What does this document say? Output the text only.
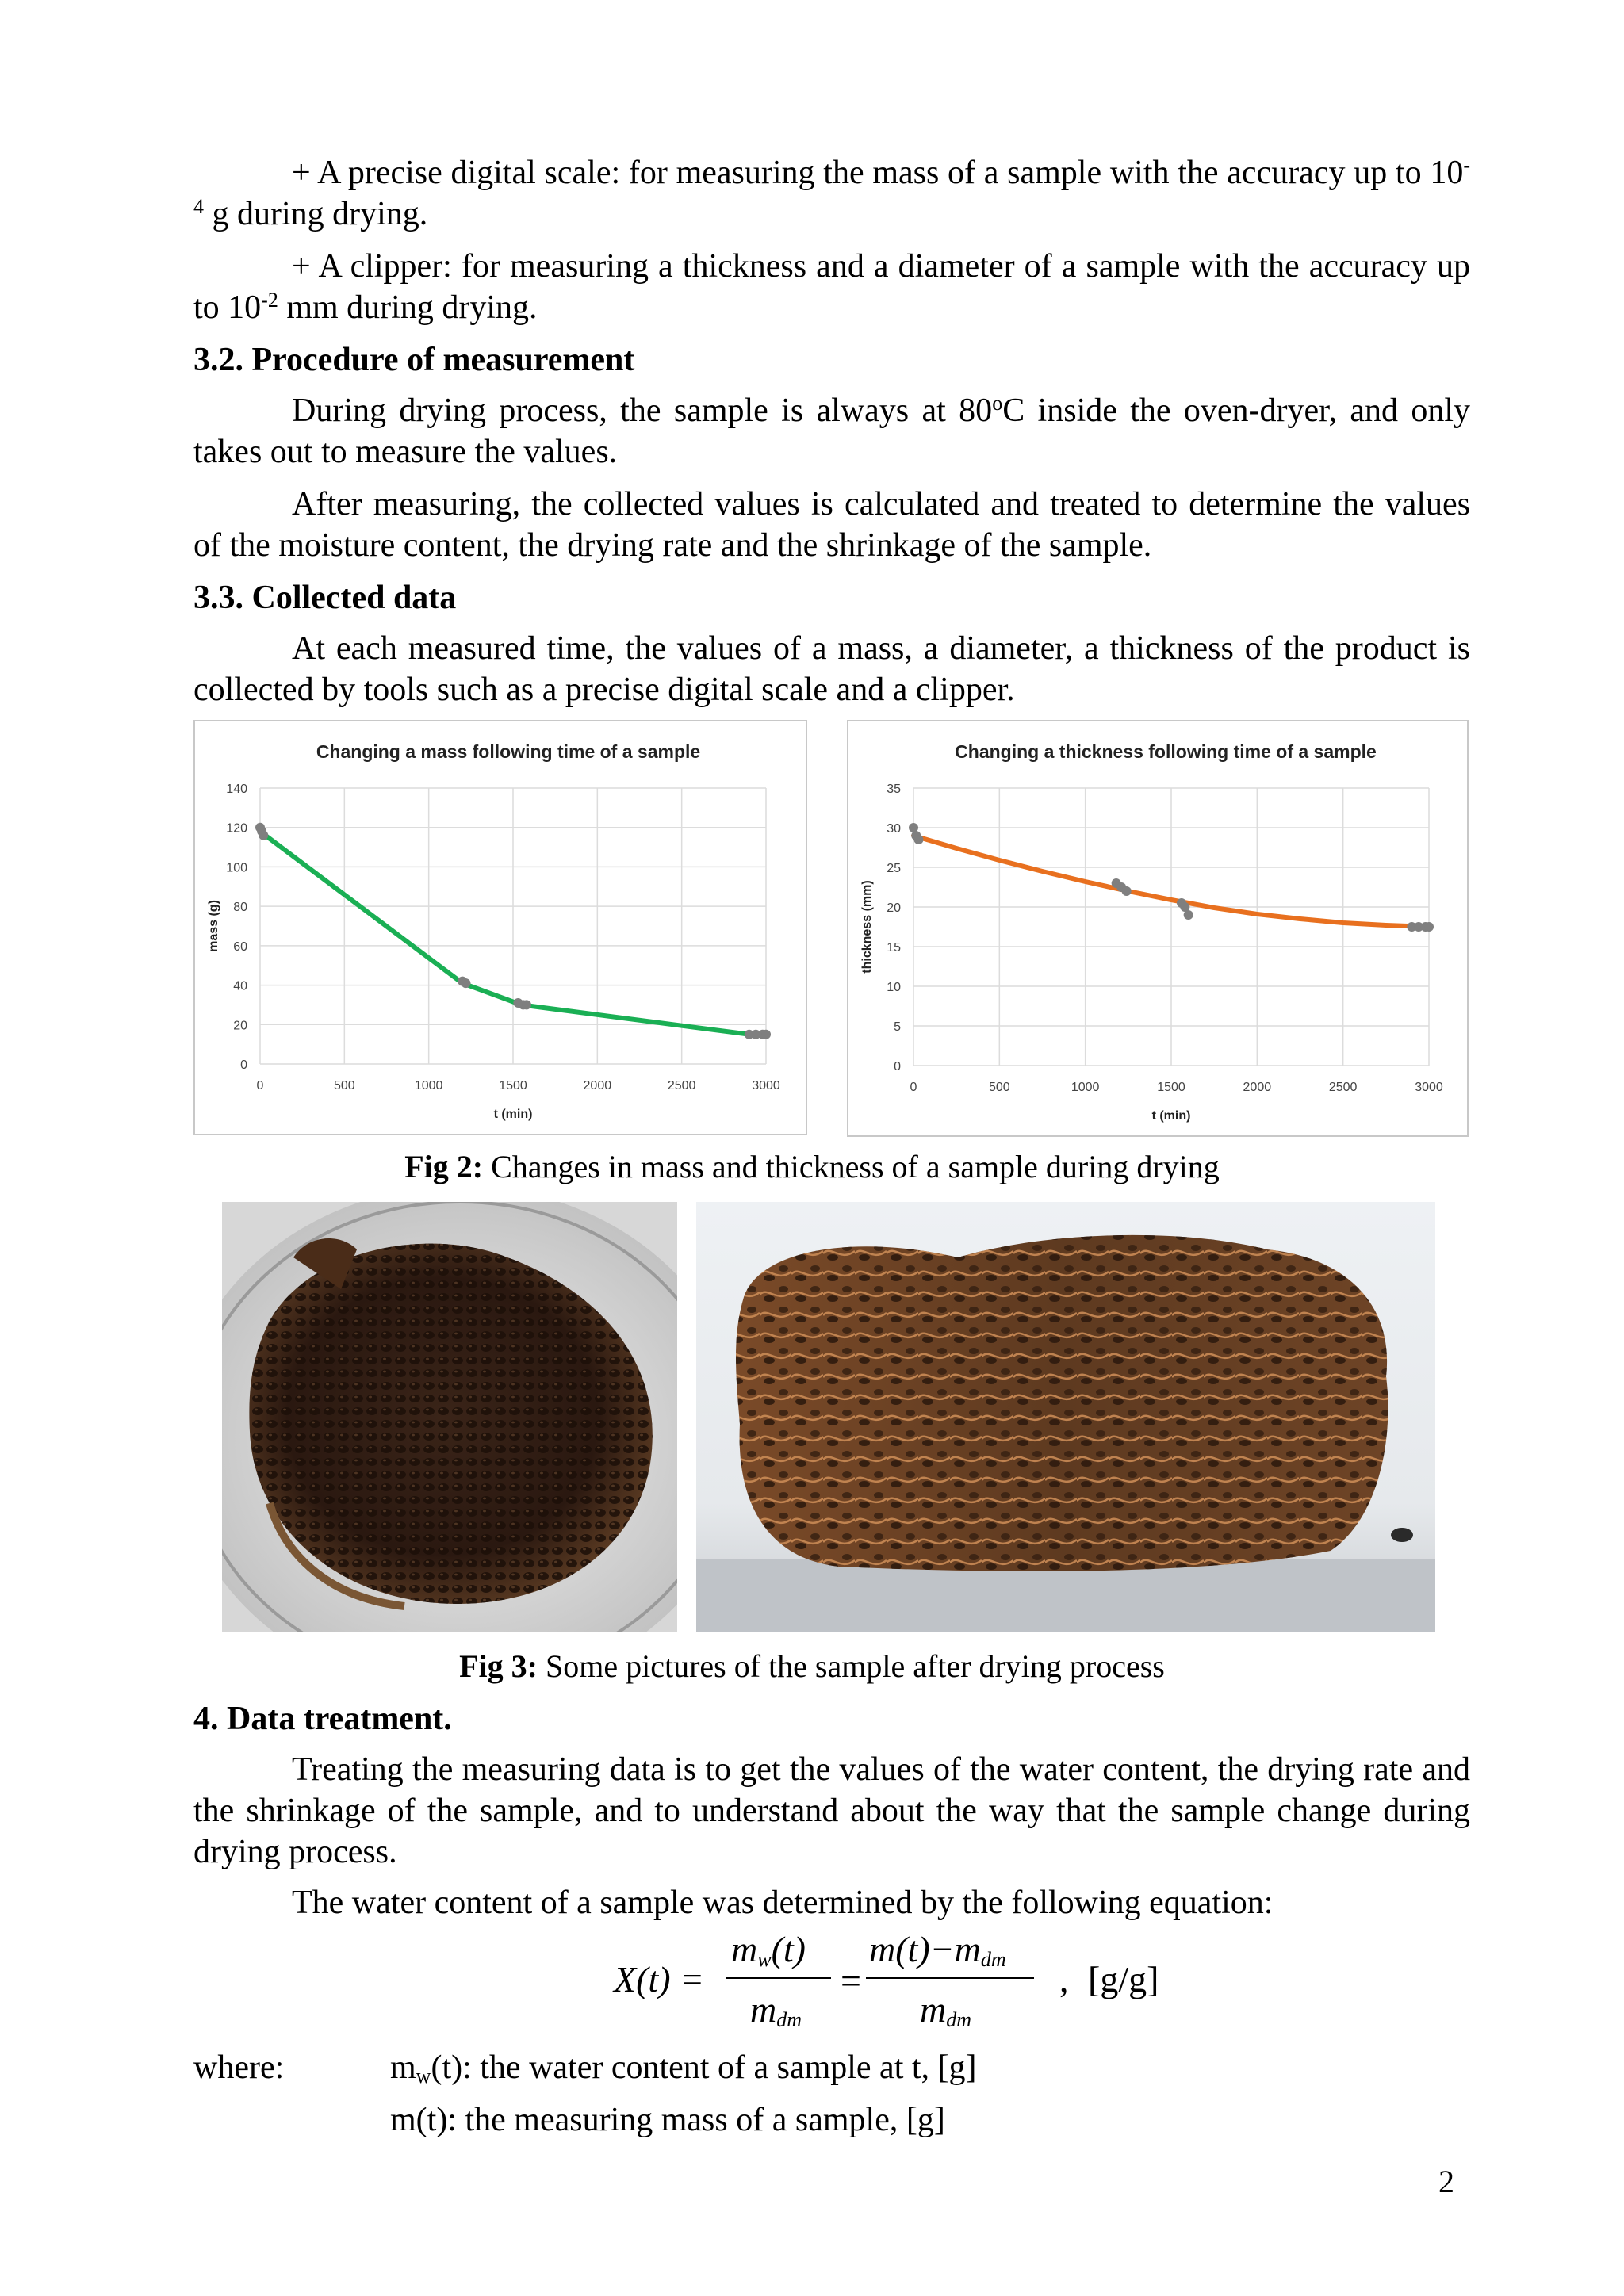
+ A precise digital scale: for measuring the mass of a sample with the accuracy up to $10^{-4}$ g during drying.

+ A clipper: for measuring a thickness and a diameter of a sample with the accuracy up to $10^{-2}$ mm during drying.

3.2. Procedure of measurement

During drying process, the sample is always at 80$^o$C inside the oven-dryer, and only takes out to measure the values.

After measuring, the collected values is calculated and treated to determine the values of the moisture content, the drying rate and the shrinkage of the sample.

3.3. Collected data

At each measured time, the values of a mass, a diameter, a thickness of the product is collected by tools such as a precise digital scale and a clipper.

Changing a mass following time of a sample
0
20
40
60
80
100
120
140
0	500	1000	1500	2000	2500	3000
t (min)
mass (g)
Changing a thickness following time of a sample
0
5
10
15
20
25
30
35
0	500	1000	1500	2000	2500	3000
t (min)
thickness (mm)

Fig 2: Changes in mass and thickness of a sample during drying

Fig 3: Some pictures of the sample after drying process

4. Data treatment.

Treating the measuring data is to get the values of the water content, the drying rate and the shrinkage of the sample, and to understand about the way that the sample change during drying process.

The water content of a sample was determined by the following equation:

X(t) =
$m_w(t)$
$m_{dm}$
=
$m(t)-m_{dm}$
$m_{dm}$
, [g/g]
where:	$m_w(t)$: the water content of a sample at t, [g]
m(t): the measuring mass of a sample, [g]
2
